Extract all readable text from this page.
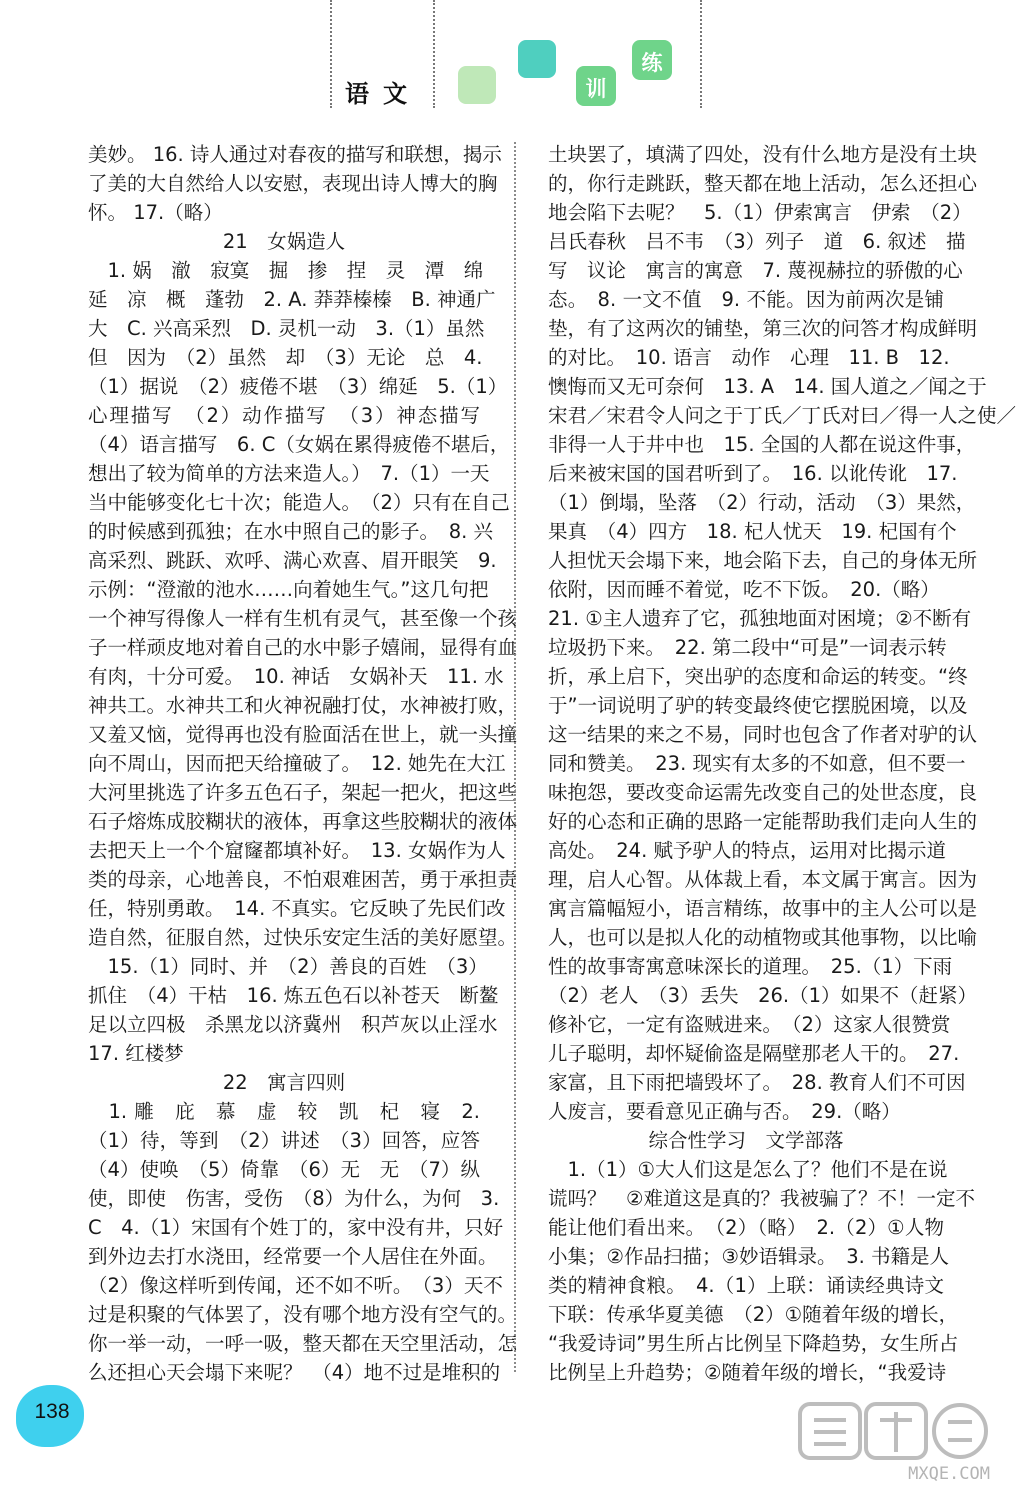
语文	训
练
美妙。 16. 诗人通过对春夜的描写和联想，揭示
了美的大自然给人以安慰，表现出诗人博大的胸
怀。 17.（略）
21　女娲造人
　1. 娲　澈　寂寞　掘　掺　捏　灵　潭　绵
延　凉　概　蓬勃　2. A. 莽莽榛榛　B. 神通广
大　C. 兴高采烈　D. 灵机一动　3.（1）虽然
但　因为　（2）虽然　却　（3）无论　总　4.
（1）据说　（2）疲倦不堪　（3）绵延　5.（1）
心理描写　（2）动作描写　（3）神态描写
（4）语言描写　6. C（女娲在累得疲倦不堪后，
想出了较为简单的方法来造人。）　7.（1）一天
当中能够变化七十次；能造人。　（2）只有在自己
的时候感到孤独；在水中照自己的影子。　8. 兴
高采烈、跳跃、欢呼、满心欢喜、眉开眼笑　9.
示例：“澄澈的池水……向着她生气。”这几句把
一个神写得像人一样有生机有灵气，甚至像一个孩
子一样顽皮地对着自己的水中影子嬉闹，显得有血
有肉，十分可爱。　10. 神话　女娲补天　11. 水
神共工。水神共工和火神祝融打仗，水神被打败，
又羞又恼，觉得再也没有脸面活在世上，就一头撞
向不周山，因而把天给撞破了。　12. 她先在大江
大河里挑选了许多五色石子，架起一把火，把这些
石子熔炼成胶糊状的液体，再拿这些胶糊状的液体
去把天上一个个窟窿都填补好。　13. 女娲作为人
类的母亲，心地善良，不怕艰难困苦，勇于承担责
任，特别勇敢。　14. 不真实。它反映了先民们改
造自然，征服自然，过快乐安定生活的美好愿望。
　15.（1）同时、并　（2）善良的百姓　（3）
抓住　（4）干枯　16. 炼五色石以补苍天　断鳌
足以立四极　杀黑龙以济冀州　积芦灰以止淫水
17. 红楼梦
22　寓言四则
　1. 雕　庇　慕　虚　较　凯　杞　寝　2.
（1）待，等到　（2）讲述　（3）回答，应答
（4）使唤　（5）倚靠　（6）无　无　（7）纵
使，即使　伤害，受伤　（8）为什么，为何　3.
C　4.（1）宋国有个姓丁的，家中没有井，只好
到外边去打水浇田，经常要一个人居住在外面。
（2）像这样听到传闻，还不如不听。　（3）天不
过是积聚的气体罢了，没有哪个地方没有空气的。
你一举一动，一呼一吸，整天都在天空里活动，怎
么还担心天会塌下来呢？　（4）地不过是堆积的
土块罢了，填满了四处，没有什么地方是没有土块
的，你行走跳跃，整天都在地上活动，怎么还担心
地会陷下去呢？　5.（1）伊索寓言　伊索　（2）
吕氏春秋　吕不韦　（3）列子　道　6. 叙述　描
写　议论　寓言的寓意　7. 蔑视赫拉的骄傲的心
态。　8. 一文不值　9. 不能。因为前两次是铺
垫，有了这两次的铺垫，第三次的问答才构成鲜明
的对比。　10. 语言　动作　心理　11. B　12.
懊悔而又无可奈何　13. A　14. 国人道之／闻之于
宋君／宋君令人问之于丁氏／丁氏对曰／得一人之使／
非得一人于井中也　15. 全国的人都在说这件事，
后来被宋国的国君听到了。　16. 以讹传讹　17.
（1）倒塌，坠落　（2）行动，活动　（3）果然，
果真　（4）四方　18. 杞人忧天　19. 杞国有个
人担忧天会塌下来，地会陷下去，自己的身体无所
依附，因而睡不着觉，吃不下饭。　20.（略）
21. ①主人遗弃了它，孤独地面对困境；②不断有
垃圾扔下来。　22. 第二段中“可是”一词表示转
折，承上启下，突出驴的态度和命运的转变。“终
于”一词说明了驴的转变最终使它摆脱困境，以及
这一结果的来之不易，同时也包含了作者对驴的认
同和赞美。　23. 现实有太多的不如意，但不要一
味抱怨，要改变命运需先改变自己的处世态度，良
好的心态和正确的思路一定能帮助我们走向人生的
高处。　24. 赋予驴人的特点，运用对比揭示道
理，启人心智。从体裁上看，本文属于寓言。因为
寓言篇幅短小，语言精练，故事中的主人公可以是
人，也可以是拟人化的动植物或其他事物，以比喻
性的故事寄寓意味深长的道理。　25.（1）下雨
（2）老人　（3）丢失　26.（1）如果不（赶紧）
修补它，一定有盗贼进来。　（2）这家人很赞赏
儿子聪明，却怀疑偷盗是隔壁那老人干的。　27.
家富，且下雨把墙毁坏了。　28. 教育人们不可因
人废言，要看意见正确与否。　29.（略）
综合性学习　文学部落
　1.（1）①大人们这是怎么了？他们不是在说
谎吗？　②难道这是真的？我被骗了？不！一定不
能让他们看出来。　（2）（略）　2.（2）①人物
小集；②作品扫描；③妙语辑录。　3. 书籍是人
类的精神食粮。　4.（1）上联：诵读经典诗文
下联：传承华夏美德　（2）①随着年级的增长，
“我爱诗词”男生所占比例呈下降趋势，女生所占
比例呈上升趋势；②随着年级的增长，“我爱诗
138
MXQE.COM
